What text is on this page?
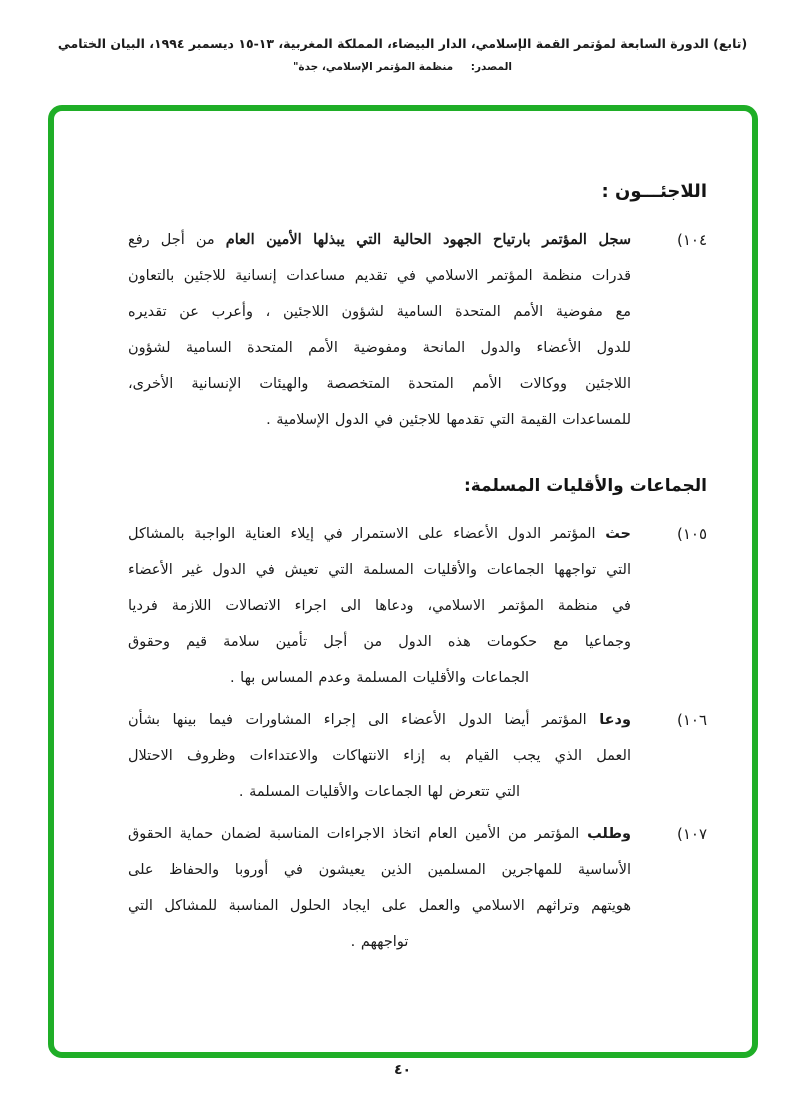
(تابع) الدورة السابعة لمؤتمر القمة الإسلامي، الدار البيضاء، المملكة المغربية، ١٣-١٥ ديسمبر ١٩٩٤، البيان الختامي
المصدر: منظمة المؤتمر الإسلامي، جدة"
اللاجئـــون :
١٠٤)
سجل المؤتمر بارتياح الجهود الحالية التي يبذلها الأمين العام من أجل رفع
قدرات منظمة المؤتمر الاسلامي في تقديم مساعدات إنسانية للاجئين بالتعاون
مع مفوضية الأمم المتحدة السامية لشؤون اللاجئين ، وأعرب عن تقديره
للدول الأعضاء والدول المانحة ومفوضية الأمم المتحدة السامية لشؤون
اللاجئين ووكالات الأمم المتحدة المتخصصة والهيئات الإنسانية الأخرى،
للمساعدات القيمة التي تقدمها للاجئين في الدول الإسلامية .
الجماعات والأقليات المسلمة:
١٠٥)
حث المؤتمر الدول الأعضاء على الاستمرار في إيلاء العناية الواجبة بالمشاكل
التي تواجهها الجماعات والأقليات المسلمة التي تعيش في الدول غير الأعضاء
في منظمة المؤتمر الاسلامي، ودعاها الى اجراء الاتصالات اللازمة فرديا
وجماعيا مع حكومات هذه الدول من أجل تأمين سلامة قيم وحقوق
الجماعات والأقليات المسلمة وعدم المساس بها .
١٠٦)
ودعا المؤتمر أيضا الدول الأعضاء الى إجراء المشاورات فيما بينها بشأن
العمل الذي يجب القيام به إزاء الانتهاكات والاعتداءات وظروف الاحتلال
التي تتعرض لها الجماعات والأقليات المسلمة .
١٠٧)
وطلب المؤتمر من الأمين العام اتخاذ الاجراءات المناسبة لضمان حماية الحقوق
الأساسية للمهاجرين المسلمين الذين يعيشون في أوروبا والحفاظ على
هويتهم وتراثهم الاسلامي والعمل على ايجاد الحلول المناسبة للمشاكل التي
تواجههم .
٤٠
